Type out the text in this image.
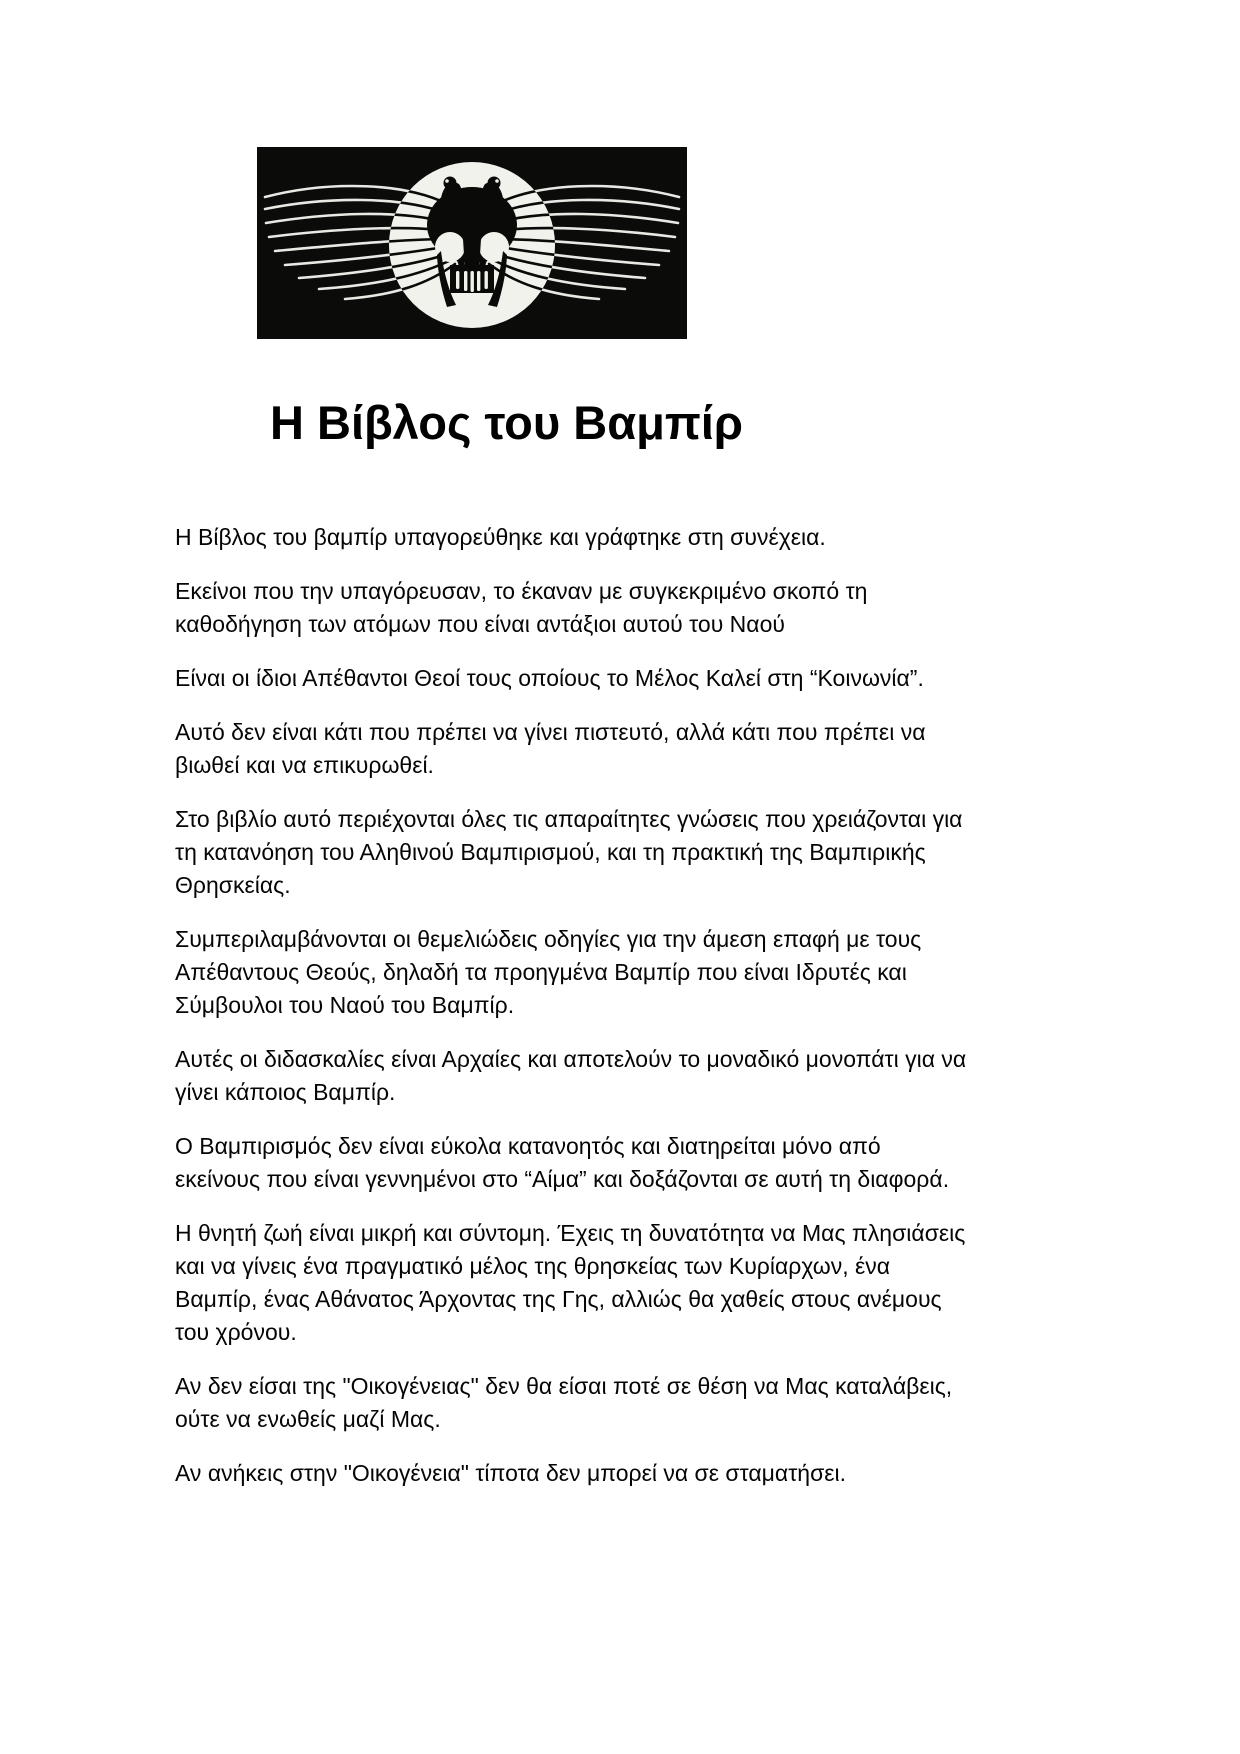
Η Βίβλος του Βαμπίρ

Η Βίβλος του βαμπίρ υπαγορεύθηκε και γράφτηκε στη συνέχεια.

Εκείνοι που την υπαγόρευσαν, το έκαναν με συγκεκριμένο σκοπό τη
καθοδήγηση των ατόμων που είναι αντάξιοι αυτού του Ναού

Είναι οι ίδιοι Απέθαντοι Θεοί τους οποίους το Μέλος Καλεί στη “Κοινωνία”.

Αυτό δεν είναι κάτι που πρέπει να γίνει πιστευτό, αλλά κάτι που πρέπει να
βιωθεί και να επικυρωθεί.

Στο βιβλίο αυτό περιέχονται όλες τις απαραίτητες γνώσεις που χρειάζονται για
τη κατανόηση του Αληθινού Βαμπιρισμού, και τη πρακτική της Βαμπιρικής
Θρησκείας.

Συμπεριλαμβάνονται οι θεμελιώδεις οδηγίες για την άμεση επαφή με τους
Απέθαντους Θεούς, δηλαδή τα προηγμένα Βαμπίρ που είναι Ιδρυτές και
Σύμβουλοι του Ναού του Βαμπίρ.

Αυτές οι διδασκαλίες είναι Αρχαίες και αποτελούν το μοναδικό μονοπάτι για να
γίνει κάποιος Βαμπίρ.

Ο Βαμπιρισμός δεν είναι εύκολα κατανοητός και διατηρείται μόνο από
εκείνους που είναι γεννημένοι στο “Αίμα” και δοξάζονται σε αυτή τη διαφορά.

Η θνητή ζωή είναι μικρή και σύντομη. Έχεις τη δυνατότητα να Μας πλησιάσεις
και να γίνεις ένα πραγματικό μέλος της θρησκείας των Κυρίαρχων, ένα
Βαμπίρ, ένας Αθάνατος Άρχοντας της Γης, αλλιώς θα χαθείς στους ανέμους
του χρόνου.

Αν δεν είσαι της "Οικογένειας" δεν θα είσαι ποτέ σε θέση να Μας καταλάβεις,
ούτε να ενωθείς μαζί Μας.

Αν ανήκεις στην "Οικογένεια" τίποτα δεν μπορεί να σε σταματήσει.
